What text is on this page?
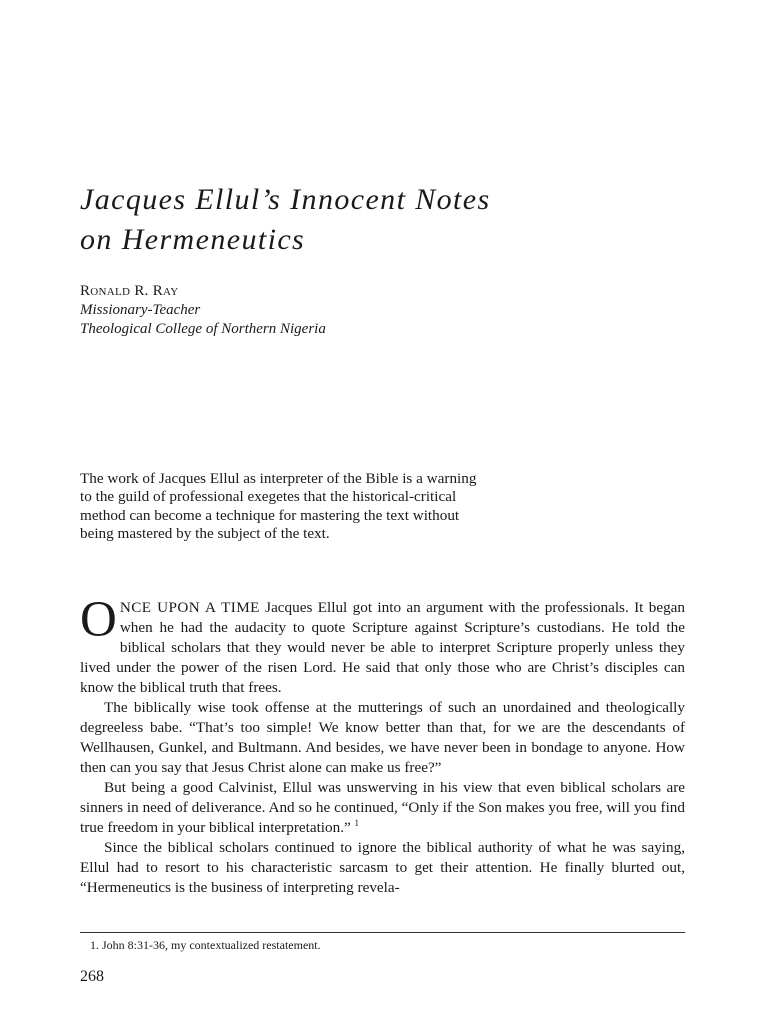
Jacques Ellul’s Innocent Notes
on Hermeneutics
Ronald R. Ray
Missionary-Teacher
Theological College of Northern Nigeria

The work of Jacques Ellul as interpreter of the Bible is a warning to the guild of professional exegetes that the historical-critical method can become a technique for mastering the text without being mastered by the subject of the text.

ONCE UPON A TIME Jacques Ellul got into an argument with the professionals. It began when he had the audacity to quote Scripture against Scripture’s custodians. He told the biblical scholars that they would never be able to interpret Scripture properly unless they lived under the power of the risen Lord. He said that only those who are Christ’s disciples can know the biblical truth that frees.

The biblically wise took offense at the mutterings of such an unordained and theologically degreeless babe. “That’s too simple! We know better than that, for we are the descendants of Wellhausen, Gunkel, and Bultmann. And besides, we have never been in bondage to anyone. How then can you say that Jesus Christ alone can make us free?”

But being a good Calvinist, Ellul was unswerving in his view that even biblical scholars are sinners in need of deliverance. And so he continued, “Only if the Son makes you free, will you find true freedom in your biblical interpretation.” $^1$

Since the biblical scholars continued to ignore the biblical authority of what he was saying, Ellul had to resort to his characteristic sarcasm to get their attention. He finally blurted out, “Hermeneutics is the business of interpreting revela-

1. John 8:31-36, my contextualized restatement.
268
